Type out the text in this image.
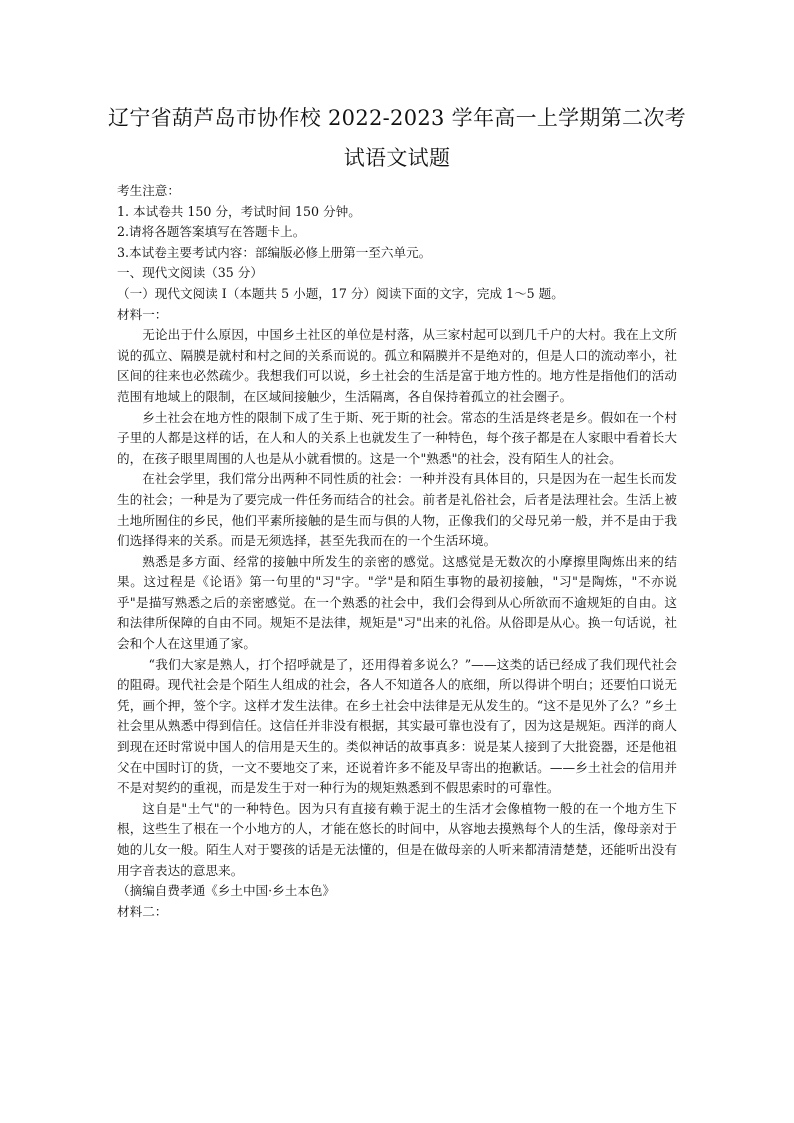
辽宁省葫芦岛市协作校 2022-2023 学年高一上学期第二次考
试语文试题

考生注意：

1. 本试卷共 150 分，考试时间 150 分钟。

2.请将各题答案填写在答题卡上。

3.本试卷主要考试内容：部编版必修上册第一至六单元。

一、现代文阅读（35 分）

（一）现代文阅读 I（本题共 5 小题，17 分）阅读下面的文字，完成 1～5 题。

材料一：

无论出于什么原因，中国乡土社区的单位是村落，从三家村起可以到几千户的大村。我在上文所说的孤立、隔膜是就村和村之间的关系而说的。孤立和隔膜并不是绝对的，但是人口的流动率小，社区间的往来也必然疏少。我想我们可以说，乡土社会的生活是富于地方性的。地方性是指他们的活动范围有地域上的限制，在区域间接触少，生活隔离，各自保持着孤立的社会圈子。

乡土社会在地方性的限制下成了生于斯、死于斯的社会。常态的生活是终老是乡。假如在一个村子里的人都是这样的话，在人和人的关系上也就发生了一种特色，每个孩子都是在人家眼中看着长大的，在孩子眼里周围的人也是从小就看惯的。这是一个"熟悉"的社会，没有陌生人的社会。

在社会学里，我们常分出两种不同性质的社会：一种并没有具体目的，只是因为在一起生长而发生的社会；一种是为了要完成一件任务而结合的社会。前者是礼俗社会，后者是法理社会。生活上被土地所囿住的乡民，他们平素所接触的是生而与俱的人物，正像我们的父母兄弟一般，并不是由于我们选择得来的关系。而是无须选择，甚至先我而在的一个生活环境。

熟悉是多方面、经常的接触中所发生的亲密的感觉。这感觉是无数次的小摩擦里陶炼出来的结果。这过程是《论语》第一句里的"习"字。"学"是和陌生事物的最初接触，"习"是陶炼，"不亦说乎"是描写熟悉之后的亲密感觉。在一个熟悉的社会中，我们会得到从心所欲而不逾规矩的自由。这和法律所保障的自由不同。规矩不是法律，规矩是"习"出来的礼俗。从俗即是从心。换一句话说，社会和个人在这里通了家。

“我们大家是熟人，打个招呼就是了，还用得着多说么？”——这类的话已经成了我们现代社会的阻碍。现代社会是个陌生人组成的社会，各人不知道各人的底细，所以得讲个明白；还要怕口说无凭，画个押，签个字。这样才发生法律。在乡土社会中法律是无从发生的。“这不是见外了么？”乡土社会里从熟悉中得到信任。这信任并非没有根据，其实最可靠也没有了，因为这是规矩。西洋的商人到现在还时常说中国人的信用是天生的。类似神话的故事真多：说是某人接到了大批瓷器，还是他祖父在中国时订的货，一文不要地交了来，还说着许多不能及早寄出的抱歉话。——乡土社会的信用并不是对契约的重视，而是发生于对一种行为的规矩熟悉到不假思索时的可靠性。

这自是"土气"的一种特色。因为只有直接有赖于泥土的生活才会像植物一般的在一个地方生下根，这些生了根在一个小地方的人，才能在悠长的时间中，从容地去摸熟每个人的生活，像母亲对于她的儿女一般。陌生人对于婴孩的话是无法懂的，但是在做母亲的人听来都清清楚楚，还能听出没有用字音表达的意思来。

（摘编自费孝通《乡土中国·乡土本色》

材料二：
